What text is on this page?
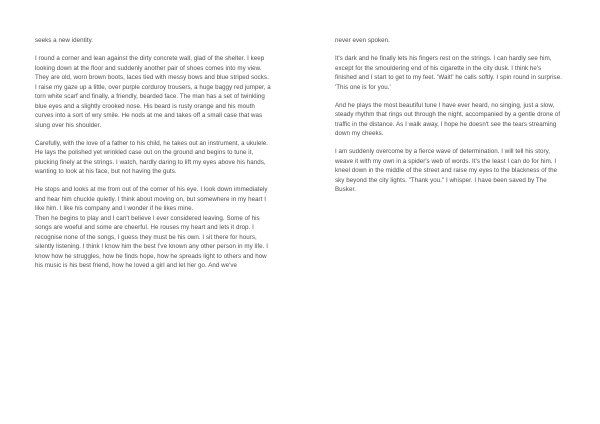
seeks a new identity.

I round a corner and lean against the dirty concrete wall, glad of the shelter. I keep looking down at the floor and suddenly another pair of shoes comes into my view. They are old, worn brown boots, laces tied with messy bows and blue striped socks. I raise my gaze up a little, over purple corduroy trousers, a huge baggy red jumper, a torn white scarf and finally, a friendly, bearded face. The man has a set of twinkling blue eyes and a slightly crooked nose. His beard is rusty orange and his mouth curves into a sort of wry smile. He nods at me and takes off a small case that was slung over his shoulder.

Carefully, with the love of a father to his child, he takes out an instrument, a ukulele. He lays the polished yet wrinkled case out on the ground and begins to tune it, plucking finely at the strings. I watch, hardly daring to lift my eyes above his hands, wanting to look at his face, but not having the guts.

He stops and looks at me from out of the corner of his eye. I look down immediately and hear him chuckle quietly. I think about moving on, but somewhere in my heart I like him. I like his company and I wonder if he likes mine.

Then he begins to play and I can't believe I ever considered leaving. Some of his songs are woeful and some are cheerful. He rouses my heart and lets it drop. I recognise none of the songs, I guess they must be his own. I sit there for hours, silently listening. I think I know him the best I've known any other person in my life. I know how he struggles, how he finds hope, how he spreads light to others and how his music is his best friend, how he loved a girl and let her go. And we've

never even spoken.

It's dark and he finally lets his fingers rest on the strings. I can hardly see him, except for the smouldering end of his cigarette in the city dusk. I think he's finished and I start to get to my feet. 'Wait!' he calls softly. I spin round in surprise. 'This one is for you.'

And he plays the most beautiful tune I have ever heard, no singing, just a slow, steady rhythm that rings out through the night, accompanied by a gentle drone of traffic in the distance. As I walk away, I hope he doesn't see the tears streaming down my cheeks.

I am suddenly overcome by a fierce wave of determination. I will tell his story, weave it with my own in a spider's web of words. It's the least I can do for him. I kneel down in the middle of the street and raise my eyes to the blackness of the sky beyond the city lights. "Thank you." I whisper. I have been saved by The Busker.
